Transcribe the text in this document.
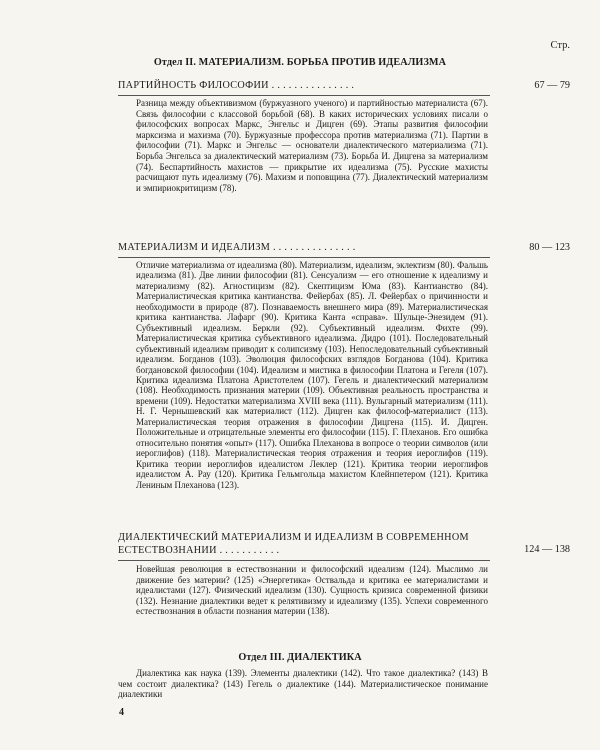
Стр.
Отдел II. МАТЕРИАЛИЗМ. БОРЬБА ПРОТИВ ИДЕАЛИЗМА
ПАРТИЙНОСТЬ ФИЛОСОФИИ . . . . . . . . . . . . . . .	67 — 79
Разница между объективизмом (буржуазного ученого) и партийностью материалиста (67). Связь философии с классовой борьбой (68). В каких исторических условиях писали о философских вопросах Маркс, Энгельс и Дицген (69). Этапы развития философии марксизма и махизма (70). Буржуазные профессора против материализма (71). Партии в философии (71). Маркс и Энгельс — основатели диалектического материализма (71). Борьба Энгельса за диалектический материализм (73). Борьба И. Дицгена за материализм (74). Беспартийность махистов — прикрытие их идеализма (75). Русские махисты расчищают путь идеализму (76). Махизм и поповщина (77). Диалектический материализм и эмпириокритицизм (78).
МАТЕРИАЛИЗМ И ИДЕАЛИЗМ . . . . . . . . . . . . . . .	80 — 123
Отличие материализма от идеализма (80). Материализм, идеализм, эклектизм (80). Фальшь идеализма (81). Две линии философии (81). Сенсуализм — его отношение к идеализму и материализму (82). Агностицизм (82). Скептицизм Юма (83). Кантианство (84). Материалистическая критика кантианства. Фейербах (85). Л. Фейербах о причинности и необходимости в природе (87). Познаваемость внешнего мира (89). Материалистическая критика кантианства. Лафарг (90). Критика Канта «справа». Шульце-Энезидем (91). Субъективный идеализм. Беркли (92). Субъективный идеализм. Фихте (99). Материалистическая критика субъективного идеализма. Дидро (101). Последовательный субъективный идеализм приводит к солипсизму (103). Непоследовательный субъективный идеализм. Богданов (103). Эволюция философских взглядов Богданова (104). Критика богдановской философии (104). Идеализм и мистика в философии Платона и Гегеля (107). Критика идеализма Платона Аристотелем (107). Гегель и диалектический материализм (108). Необходимость признания материи (109). Объективная реальность пространства и времени (109). Недостатки материализма XVIII века (111). Вульгарный материализм (111). Н. Г. Чернышевский как материалист (112). Дицген как философ-материалист (113). Материалистическая теория отражения в философии Дицгена (115). И. Дицген. Положительные и отрицательные элементы его философии (115). Г. Плеханов. Его ошибка относительно понятия «опыт» (117). Ошибка Плеханова в вопросе о теории символов (или иероглифов) (118). Материалистическая теория отражения и теория иероглифов (119). Критика теории иероглифов идеалистом Леклер (121). Критика теории иероглифов идеалистом А. Рау (120). Критика Гельмгольца махистом Клейнпетером (121). Критика Лениным Плеханова (123).
ДИАЛЕКТИЧЕСКИЙ МАТЕРИАЛИЗМ И ИДЕАЛИЗМ В СОВРЕМЕННОМ ЕСТЕСТВОЗНАНИИ . . . . . . . . . . .	124 — 138
Новейшая революция в естествознании и философский идеализм (124). Мыслимо ли движение без материи? (125) «Энергетика» Оствальда и критика ее материалистами и идеалистами (127). Физический идеализм (130). Сущность кризиса современной физики (132). Незнание диалектики ведет к релятивизму и идеализму (135). Успехи современного естествознания в области познания материи (138).
Отдел III. ДИАЛЕКТИКА
Диалектика как наука (139). Элементы диалектики (142). Что такое диалектика? (143) В чем состоит диалектика? (143) Гегель о диалектике (144). Материалистическое понимание диалектики
4
